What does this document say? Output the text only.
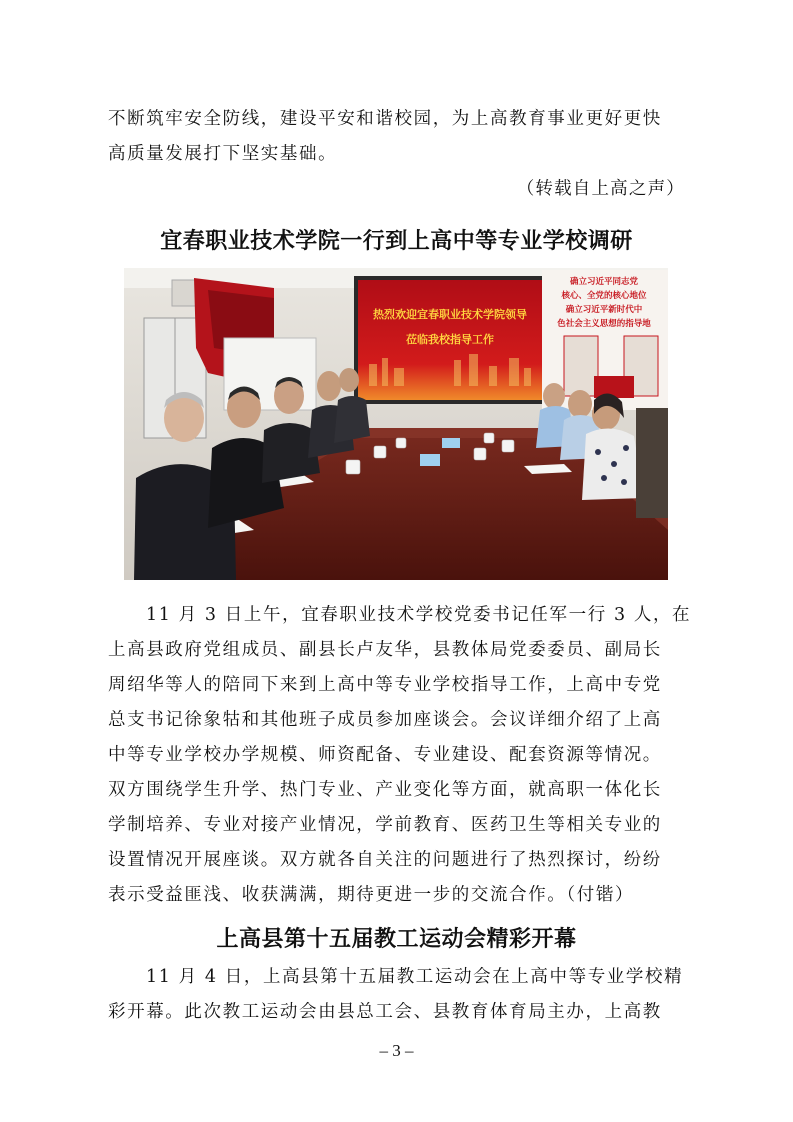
不断筑牢安全防线，建设平安和谐校园，为上高教育事业更好更快
高质量发展打下坚实基础。
（转载自上高之声）
宜春职业技术学院一行到上高中等专业学校调研
热烈欢迎宜春职业技术学院领导
莅临我校指导工作
确立习近平同志党
核心、全党的核心地位
确立习近平新时代中
色社会主义思想的指导地
11 月 3 日上午，宜春职业技术学校党委书记任军一行 3 人，在
上高县政府党组成员、副县长卢友华，县教体局党委委员、副局长
周绍华等人的陪同下来到上高中等专业学校指导工作，上高中专党
总支书记徐象牯和其他班子成员参加座谈会。会议详细介绍了上高
中等专业学校办学规模、师资配备、专业建设、配套资源等情况。
双方围绕学生升学、热门专业、产业变化等方面，就高职一体化长
学制培养、专业对接产业情况，学前教育、医药卫生等相关专业的
设置情况开展座谈。双方就各自关注的问题进行了热烈探讨，纷纷
表示受益匪浅、收获满满，期待更进一步的交流合作。（付锴）
上高县第十五届教工运动会精彩开幕
11 月 4 日，上高县第十五届教工运动会在上高中等专业学校精
彩开幕。此次教工运动会由县总工会、县教育体育局主办，上高教
– 3 –
